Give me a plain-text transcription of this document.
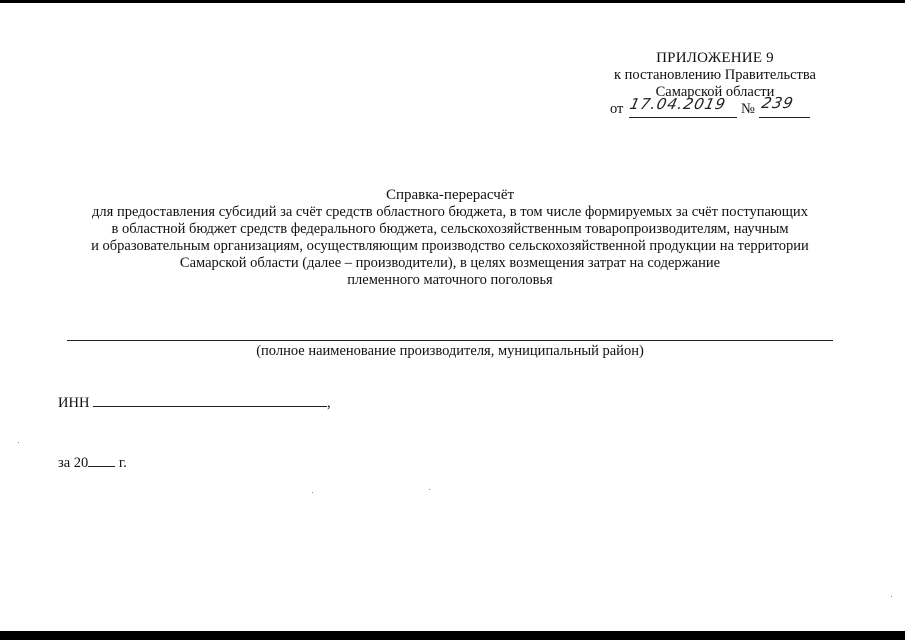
ПРИЛОЖЕНИЕ 9
к постановлению Правительства
Самарской области
от 17.04.2019 № 239
Справка-перерасчёт
для предоставления субсидий за счёт средств областного бюджета, в том числе формируемых за счёт поступающих
в областной бюджет средств федерального бюджета, сельскохозяйственным товаропроизводителям, научным
и образовательным организациям, осуществляющим производство сельскохозяйственной продукции на территории
Самарской области (далее – производители), в целях возмещения затрат на содержание
племенного маточного поголовья
(полное наименование производителя, муниципальный район)
ИНН	,
за 20 г.
